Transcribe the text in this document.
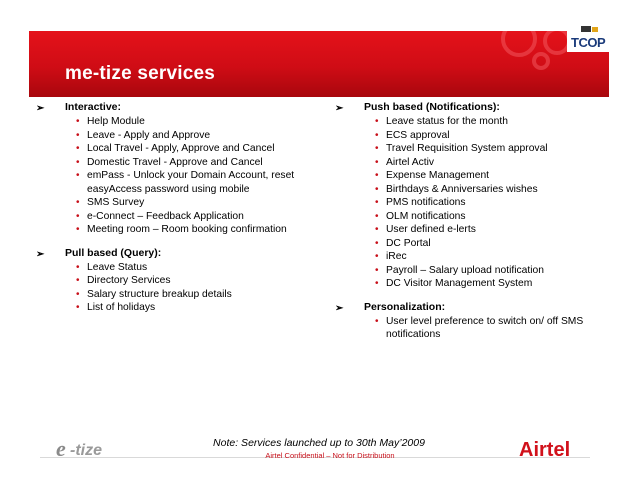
me-tize services
TCOP
➢ Interactive:
• Help Module
• Leave - Apply and Approve
• Local Travel - Apply, Approve and Cancel
• Domestic Travel - Approve and Cancel
• emPass - Unlock your Domain Account, reset easyAccess password using mobile
• SMS Survey
• e-Connect – Feedback Application
• Meeting room – Room booking confirmation
➢ Pull based (Query):
• Leave Status
• Directory Services
• Salary structure breakup details
• List of holidays
➢ Push based (Notifications):
• Leave status for the month
• ECS approval
• Travel Requisition System approval
• Airtel Activ
• Expense Management
• Birthdays & Anniversaries wishes
• PMS notifications
• OLM notifications
• User defined e-lerts
• DC Portal
• iRec
• Payroll – Salary upload notification
• DC Visitor Management System
➢ Personalization:
• User level preference to switch on/ off SMS notifications
e -tize	Note: Services launched up to 30th May’2009
Airtel Confidential – Not for Distribution	Airtel
